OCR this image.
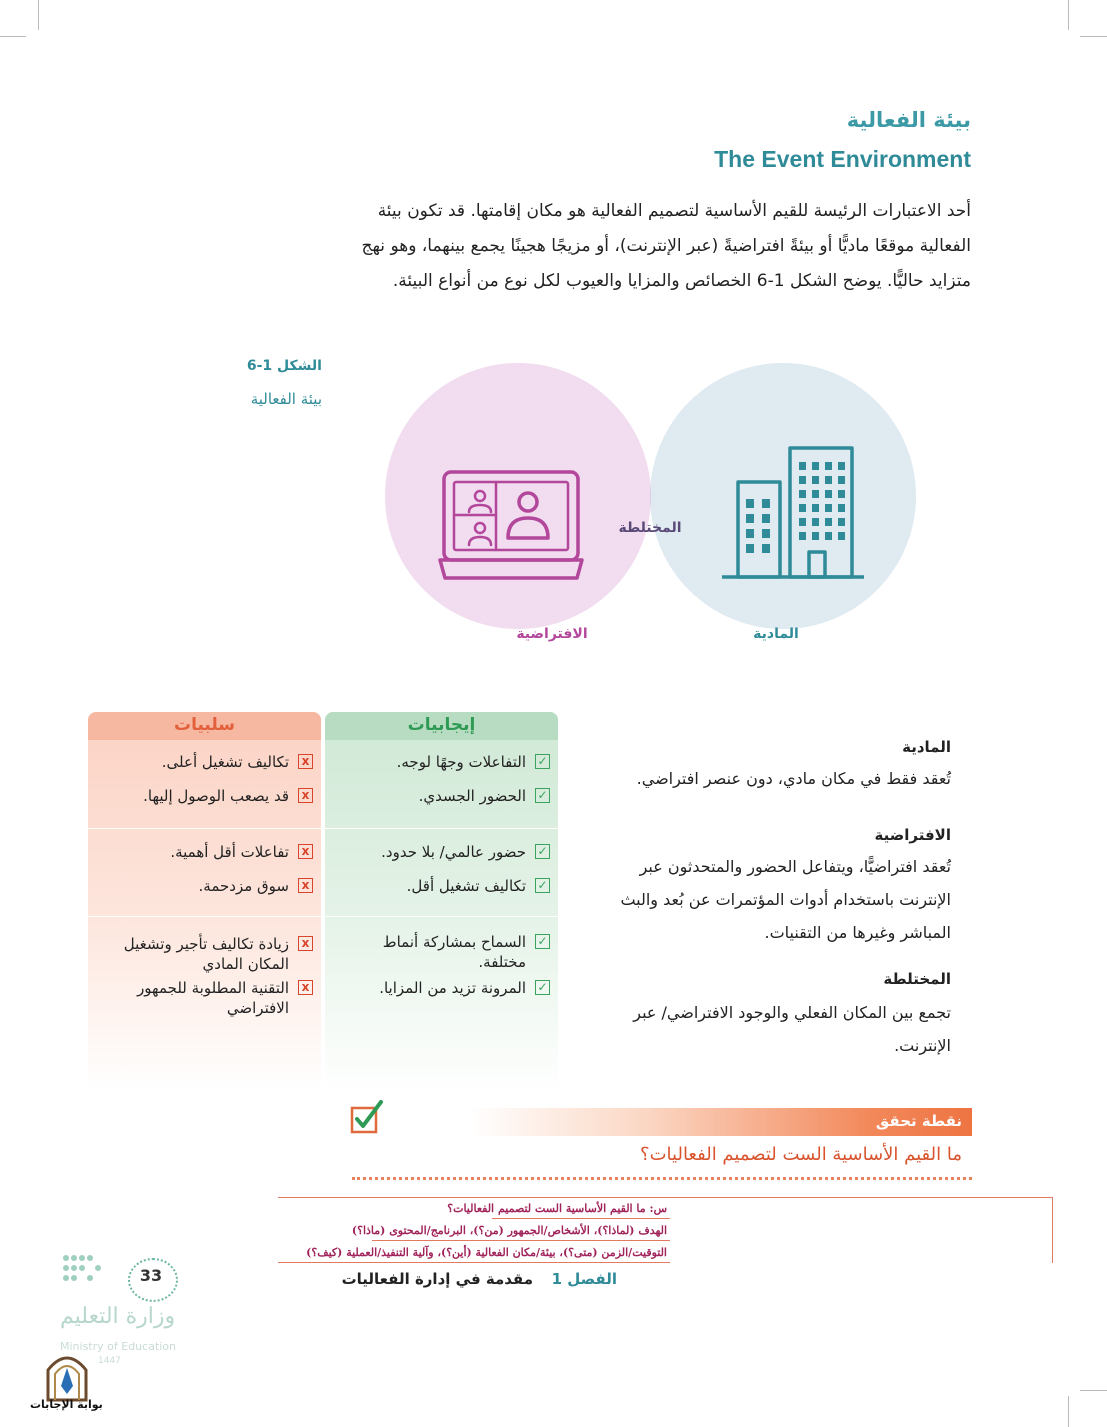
بيئة الفعالية
The Event Environment
أحد الاعتبارات الرئيسة للقيم الأساسية لتصميم الفعالية هو مكان إقامتها. قد تكون بيئة الفعالية موقعًا ماديًّا أو بيئةً افتراضيةً (عبر الإنترنت)، أو مزيجًا هجينًا يجمع بينهما، وهو نهج متزايد حاليًّا. يوضح الشكل 1-6 الخصائص والمزايا والعيوب لكل نوع من أنواع البيئة.
الشكل 1-6
بيئة الفعالية
المختلطة
الافتراضية	المادية
سلبيات
x
تكاليف تشغيل أعلى.
x
قد يصعب الوصول إليها.
x
تفاعلات أقل أهمية.
x
سوق مزدحمة.
x
زيادة تكاليف تأجير وتشغيل المكان المادي
x
التقنية المطلوبة للجمهور الافتراضي
إيجابيات
✓
التفاعلات وجهًا لوجه.
✓
الحضور الجسدي.
✓
حضور عالمي/ بلا حدود.
✓
تكاليف تشغيل أقل.
✓
السماح بمشاركة أنماط مختلفة.
✓
المرونة تزيد من المزايا.
المادية
تُعقد فقط في مكان مادي، دون عنصر افتراضي.
الافتراضية
تُعقد افتراضيًّا، ويتفاعل الحضور والمتحدثون عبر الإنترنت باستخدام أدوات المؤتمرات عن بُعد والبث المباشر وغيرها من التقنيات.
المختلطة
تجمع بين المكان الفعلي والوجود الافتراضي/ عبر الإنترنت.
نقطة تحقق
ما القيم الأساسية الست لتصميم الفعاليات؟
س: ما القيم الأساسية الست لتصميم الفعاليات؟
الهدف (لماذا؟)، الأشخاص/الجمهور (من؟)، البرنامج/المحتوى (ماذا؟)
التوقيت/الزمن (متى؟)، بيئة/مكان الفعالية (أين؟)، وآلية التنفيذ/العملية (كيف؟)
الفصل 1
مقدمة في إدارة الفعاليات
33
وزارة التعليم
Ministry of Education
1447
بوابة الإجابات
